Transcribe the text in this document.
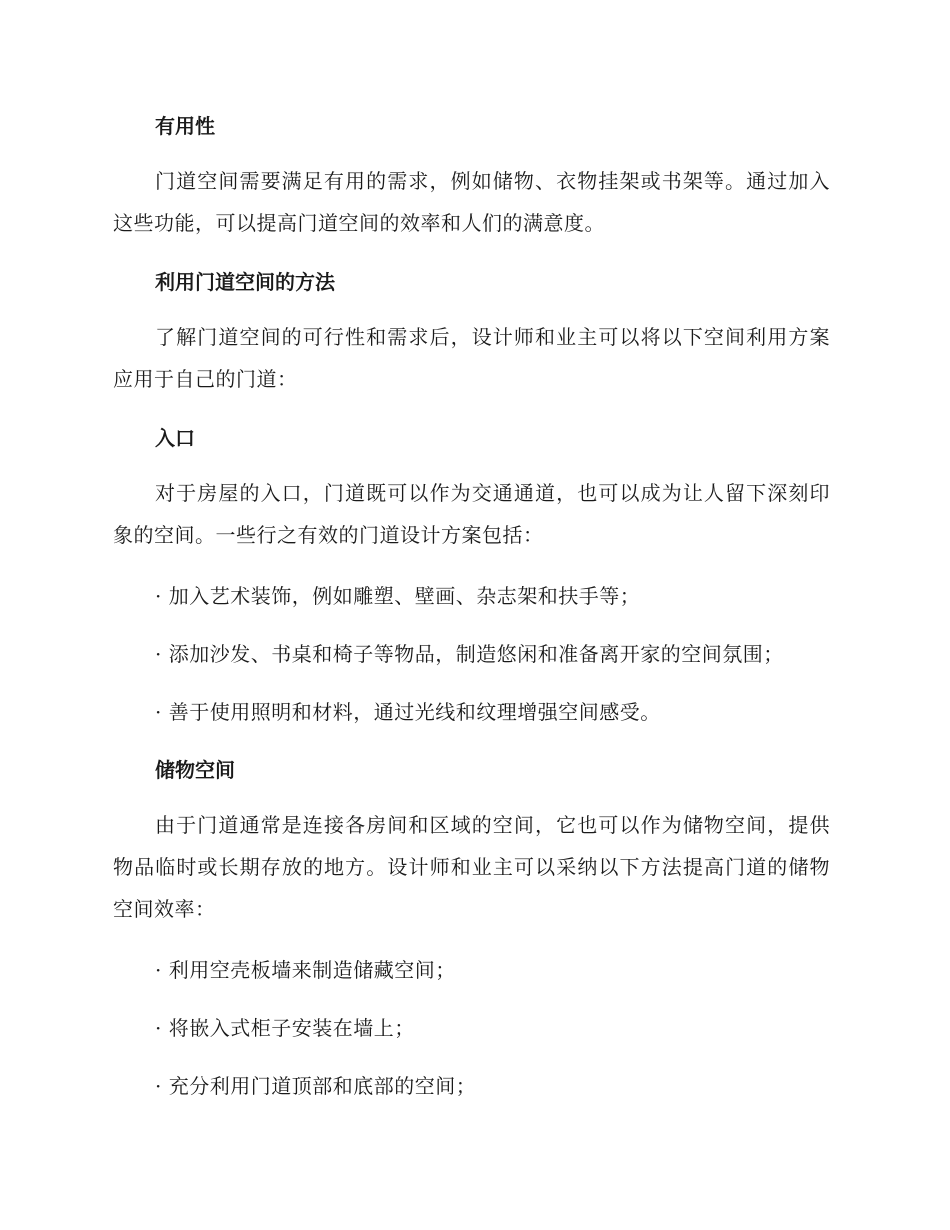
有用性

门道空间需要满足有用的需求，例如储物、衣物挂架或书架等。通过加入这些功能，可以提高门道空间的效率和人们的满意度。

利用门道空间的方法

了解门道空间的可行性和需求后，设计师和业主可以将以下空间利用方案应用于自己的门道：

入口

对于房屋的入口，门道既可以作为交通通道，也可以成为让人留下深刻印象的空间。一些行之有效的门道设计方案包括：

· 加入艺术装饰，例如雕塑、壁画、杂志架和扶手等；

· 添加沙发、书桌和椅子等物品，制造悠闲和准备离开家的空间氛围；

· 善于使用照明和材料，通过光线和纹理增强空间感受。

储物空间

由于门道通常是连接各房间和区域的空间，它也可以作为储物空间，提供物品临时或长期存放的地方。设计师和业主可以采纳以下方法提高门道的储物空间效率：

· 利用空壳板墙来制造储藏空间；

· 将嵌入式柜子安装在墙上；

· 充分利用门道顶部和底部的空间；
